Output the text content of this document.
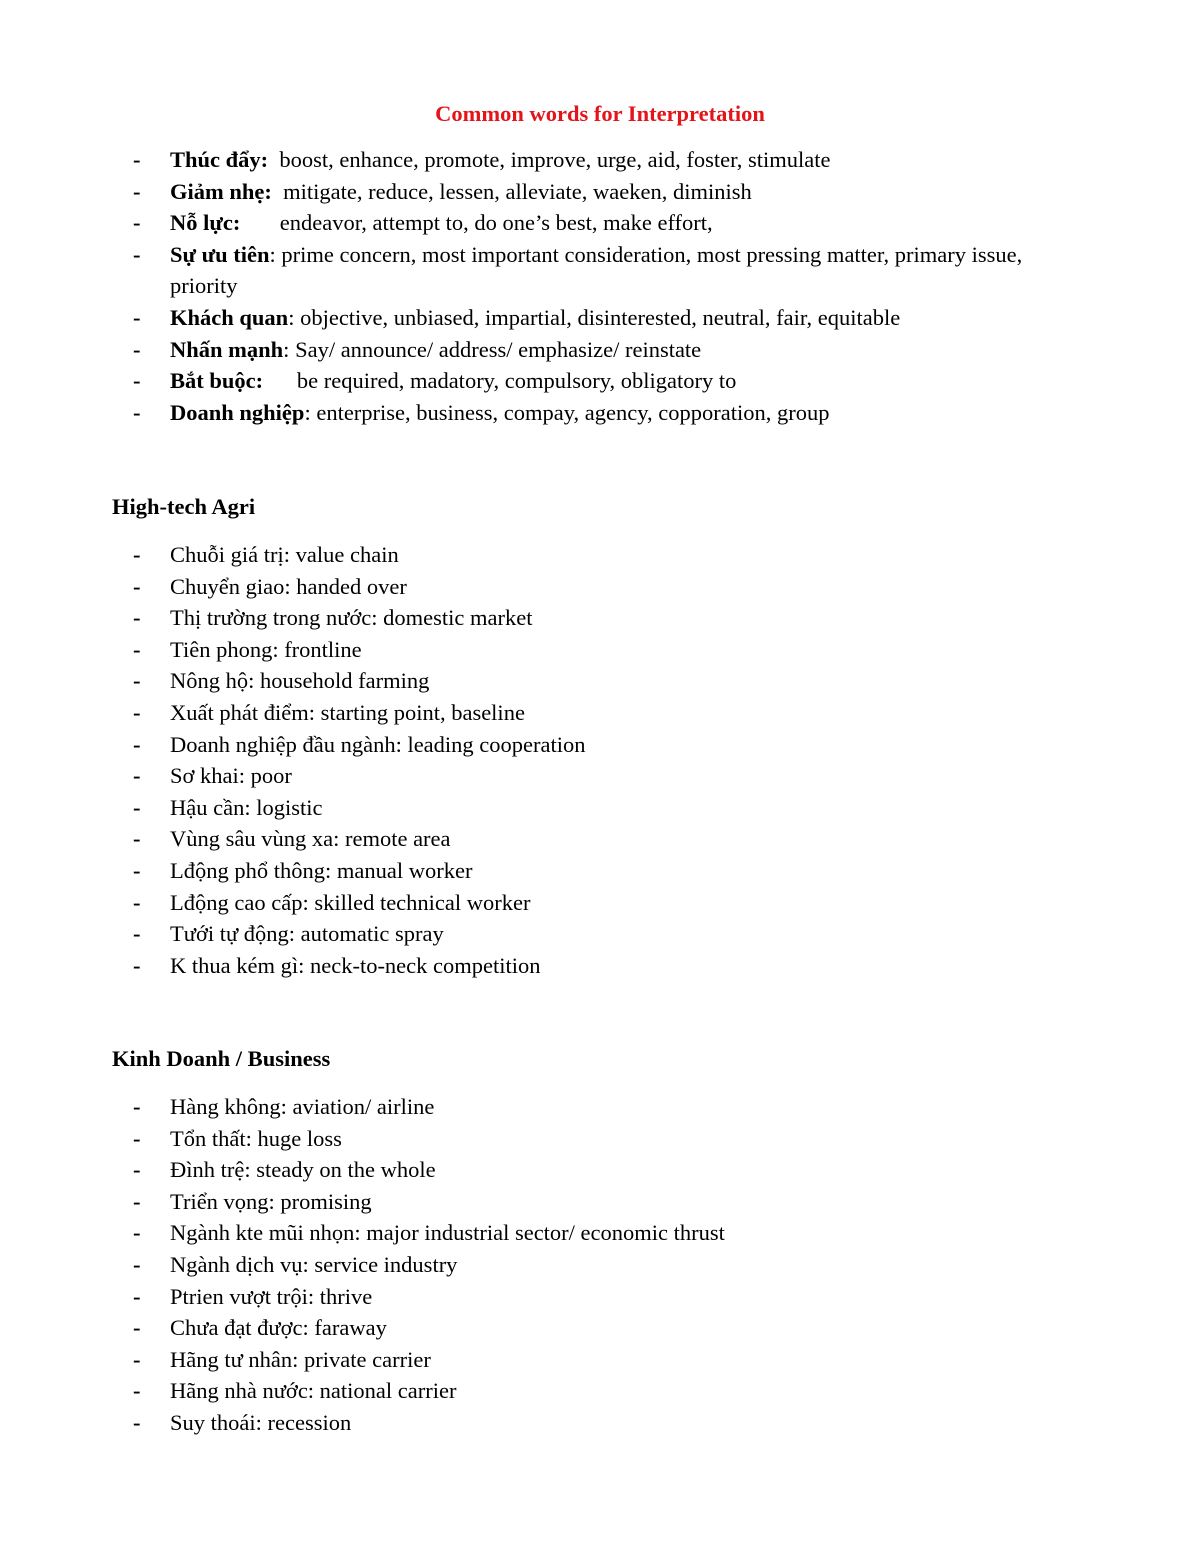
Common words for Interpretation
- Thúc đẩy: boost, enhance, promote, improve, urge, aid, foster, stimulate
- Giảm nhẹ: mitigate, reduce, lessen, alleviate, waeken, diminish
- Nỗ lực: endeavor, attempt to, do one’s best, make effort,
- Sự ưu tiên: prime concern, most important consideration, most pressing matter, primary issue, priority
- Khách quan: objective, unbiased, impartial, disinterested, neutral, fair, equitable
- Nhấn mạnh: Say/ announce/ address/ emphasize/ reinstate
- Bắt buộc: be required, madatory, compulsory, obligatory to
- Doanh nghiệp: enterprise, business, compay, agency, copporation, group
High-tech Agri
- Chuỗi giá trị: value chain
- Chuyển giao: handed over
- Thị trường trong nước: domestic market
- Tiên phong: frontline
- Nông hộ: household farming
- Xuất phát điểm: starting point, baseline
- Doanh nghiệp đầu ngành: leading cooperation
- Sơ khai: poor
- Hậu cần: logistic
- Vùng sâu vùng xa: remote area
- Lđộng phổ thông: manual worker
- Lđộng cao cấp: skilled technical worker
- Tưới tự động: automatic spray
- K thua kém gì: neck-to-neck competition
Kinh Doanh / Business
- Hàng không: aviation/ airline
- Tổn thất: huge loss
- Đình trệ: steady on the whole
- Triển vọng: promising
- Ngành kte mũi nhọn: major industrial sector/ economic thrust
- Ngành dịch vụ: service industry
- Ptrien vượt trội: thrive
- Chưa đạt được: faraway
- Hãng tư nhân: private carrier
- Hãng nhà nước: national carrier
- Suy thoái: recession
